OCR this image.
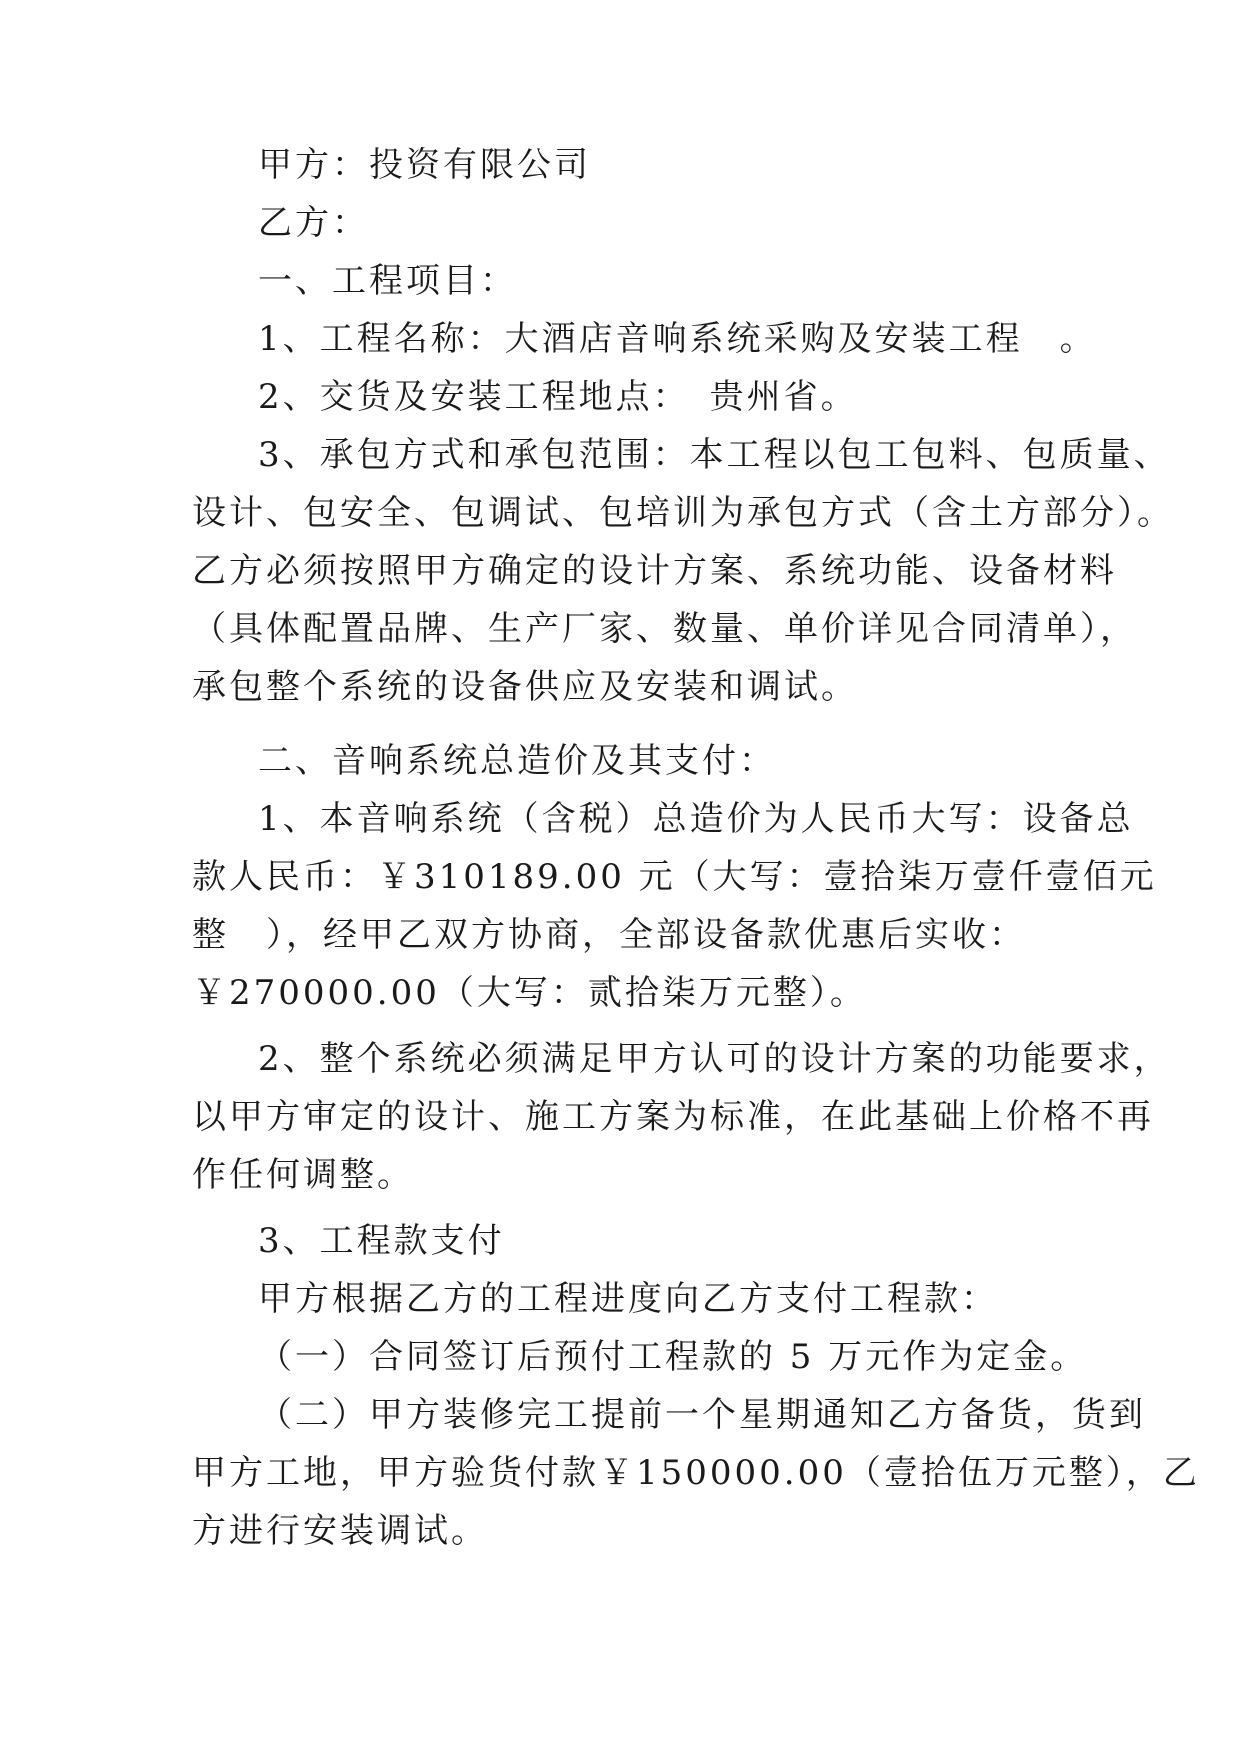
甲方：投资有限公司
乙方：
一、工程项目：
1、工程名称：大酒店音响系统采购及安装工程　。
2、交货及安装工程地点：　贵州省。
3、承包方式和承包范围：本工程以包工包料、包质量、
设计、包安全、包调试、包培训为承包方式（含土方部分）。
乙方必须按照甲方确定的设计方案、系统功能、设备材料
（具体配置品牌、生产厂家、数量、单价详见合同清单），
承包整个系统的设备供应及安装和调试。
二、音响系统总造价及其支付：
1、本音响系统（含税）总造价为人民币大写：设备总
款人民币：￥310189.00 元（大写：壹拾柒万壹仟壹佰元
整　），经甲乙双方协商，全部设备款优惠后实收：
￥270000.00（大写：贰拾柒万元整）。
2、整个系统必须满足甲方认可的设计方案的功能要求，
以甲方审定的设计、施工方案为标准，在此基础上价格不再
作任何调整。
3、工程款支付
甲方根据乙方的工程进度向乙方支付工程款：
（一）合同签订后预付工程款的 5 万元作为定金。
（二）甲方装修完工提前一个星期通知乙方备货，货到
甲方工地，甲方验货付款￥150000.00（壹拾伍万元整），乙
方进行安装调试。
